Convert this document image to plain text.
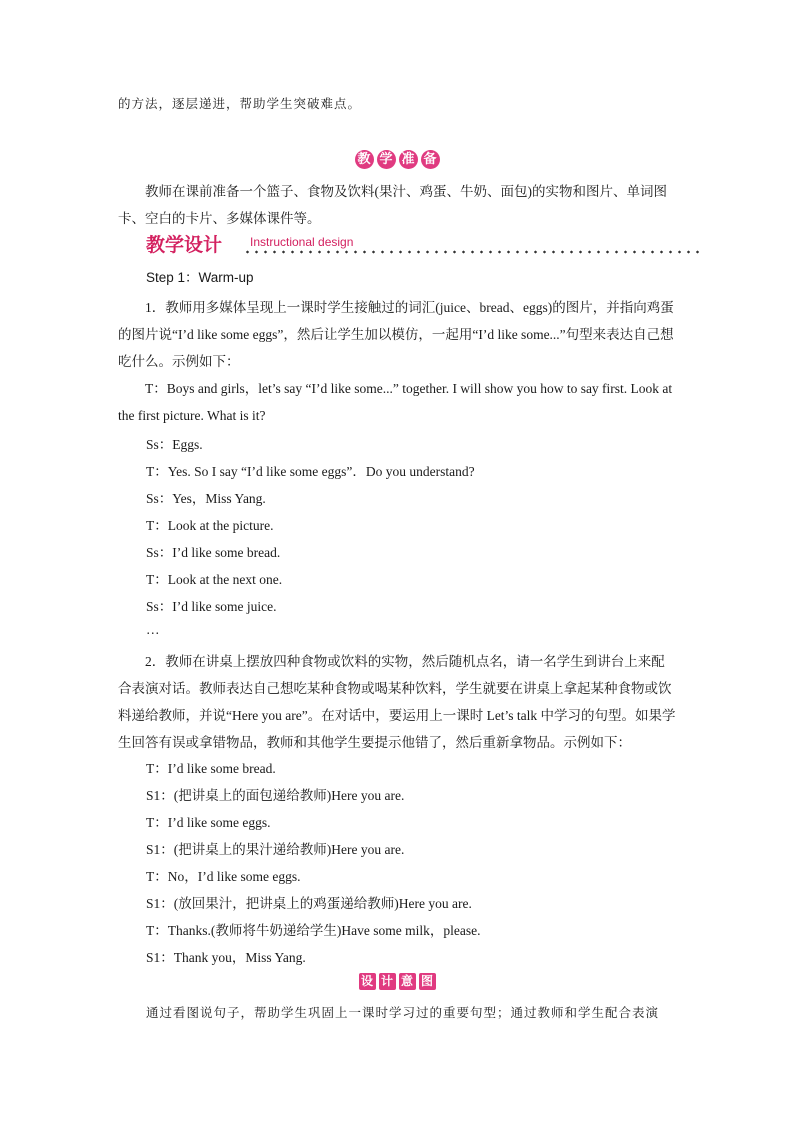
的方法，逐层递进，帮助学生突破难点。
教 学 准 备
教师在课前准备一个篮子、食物及饮料(果汁、鸡蛋、牛奶、面包)的实物和图片、单词图卡、空白的卡片、多媒体课件等。
教学设计 Instructional design
Step 1：Warm-up
1．教师用多媒体呈现上一课时学生接触过的词汇(juice、bread、eggs)的图片，并指向鸡蛋的图片说“I’d like some eggs”，然后让学生加以模仿，一起用“I’d like some...”句型来表达自己想吃什么。示例如下：
T：Boys and girls，let’s say “I’d like some...” together. I will show you how to say first. Look at the first picture. What is it?
Ss：Eggs.
T：Yes. So I say “I’d like some eggs”．Do you understand?
Ss：Yes，Miss Yang.
T：Look at the picture.
Ss：I’d like some bread.
T：Look at the next one.
Ss：I’d like some juice.
…
2．教师在讲桌上摆放四种食物或饮料的实物，然后随机点名，请一名学生到讲台上来配合表演对话。教师表达自己想吃某种食物或喝某种饮料，学生就要在讲桌上拿起某种食物或饮料递给教师，并说“Here you are”。在对话中，要运用上一课时 Let’s talk 中学习的句型。如果学生回答有误或拿错物品，教师和其他学生要提示他错了，然后重新拿物品。示例如下：
T：I’d like some bread.
S1：(把讲桌上的面包递给教师)Here you are.
T：I’d like some eggs.
S1：(把讲桌上的果汁递给教师)Here you are.
T：No，I’d like some eggs.
S1：(放回果汁，把讲桌上的鸡蛋递给教师)Here you are.
T：Thanks.(教师将牛奶递给学生)Have some milk，please.
S1：Thank you，Miss Yang.
设 计 意 图
通过看图说句子，帮助学生巩固上一课时学习过的重要句型；通过教师和学生配合表演
